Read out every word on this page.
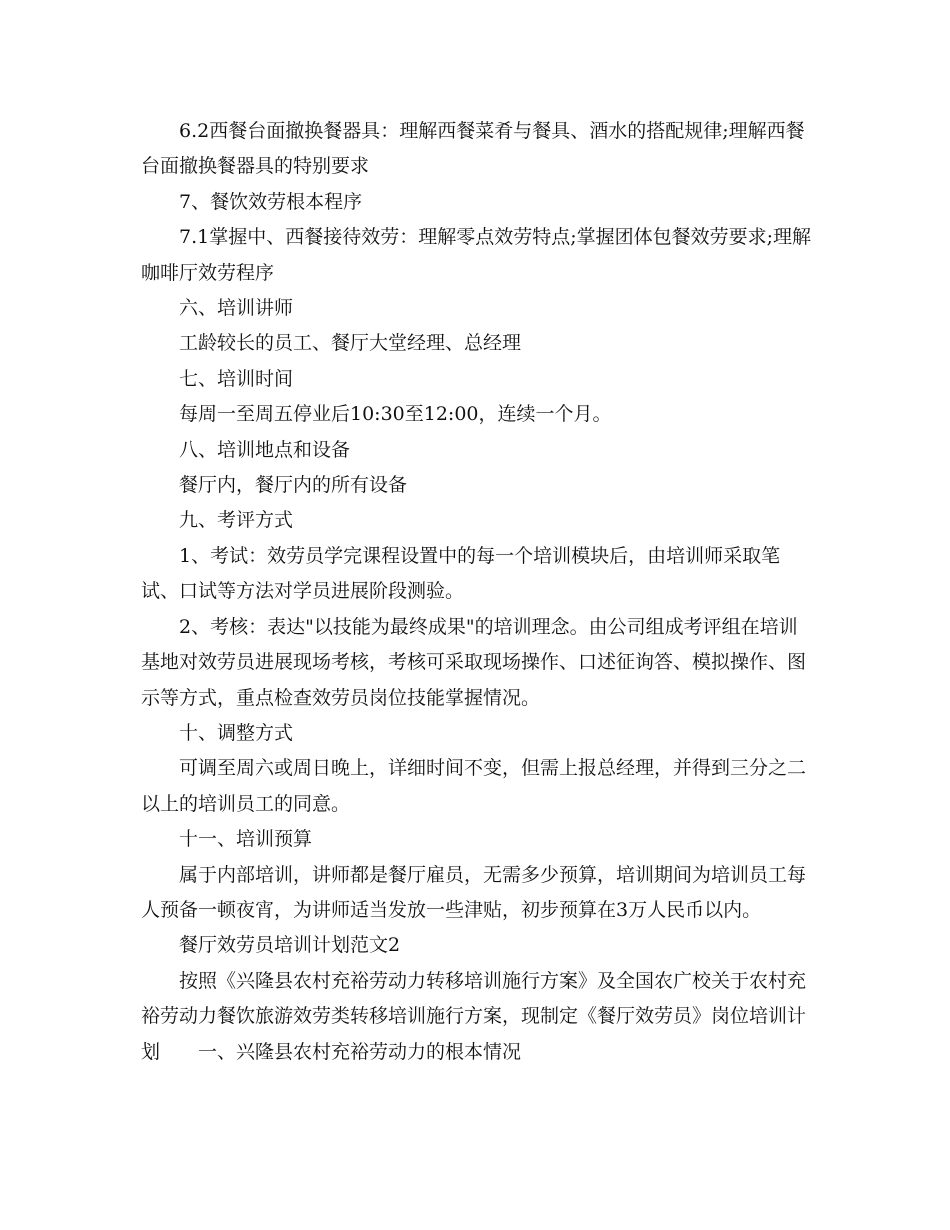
6.2西餐台面撤换餐器具：理解西餐菜肴与餐具、酒水的搭配规律;理解西餐台面撤换餐器具的特别要求

7、餐饮效劳根本程序

7.1掌握中、西餐接待效劳：理解零点效劳特点;掌握团体包餐效劳要求;理解咖啡厅效劳程序

六、培训讲师

工龄较长的员工、餐厅大堂经理、总经理

七、培训时间

每周一至周五停业后10:30至12:00，连续一个月。

八、培训地点和设备

餐厅内，餐厅内的所有设备

九、考评方式

1、考试：效劳员学完课程设置中的每一个培训模块后，由培训师采取笔试、口试等方法对学员进展阶段测验。

2、考核：表达"以技能为最终成果"的培训理念。由公司组成考评组在培训基地对效劳员进展现场考核，考核可采取现场操作、口述征询答、模拟操作、图示等方式，重点检查效劳员岗位技能掌握情况。

十、调整方式

可调至周六或周日晚上，详细时间不变，但需上报总经理，并得到三分之二以上的培训员工的同意。

十一、培训预算

属于内部培训，讲师都是餐厅雇员，无需多少预算，培训期间为培训员工每人预备一顿夜宵，为讲师适当发放一些津贴，初步预算在3万人民币以内。

餐厅效劳员培训计划范文2

按照《兴隆县农村充裕劳动力转移培训施行方案》及全国农广校关于农村充裕劳动力餐饮旅游效劳类转移培训施行方案，现制定《餐厅效劳员》岗位培训计划　　一、兴隆县农村充裕劳动力的根本情况
